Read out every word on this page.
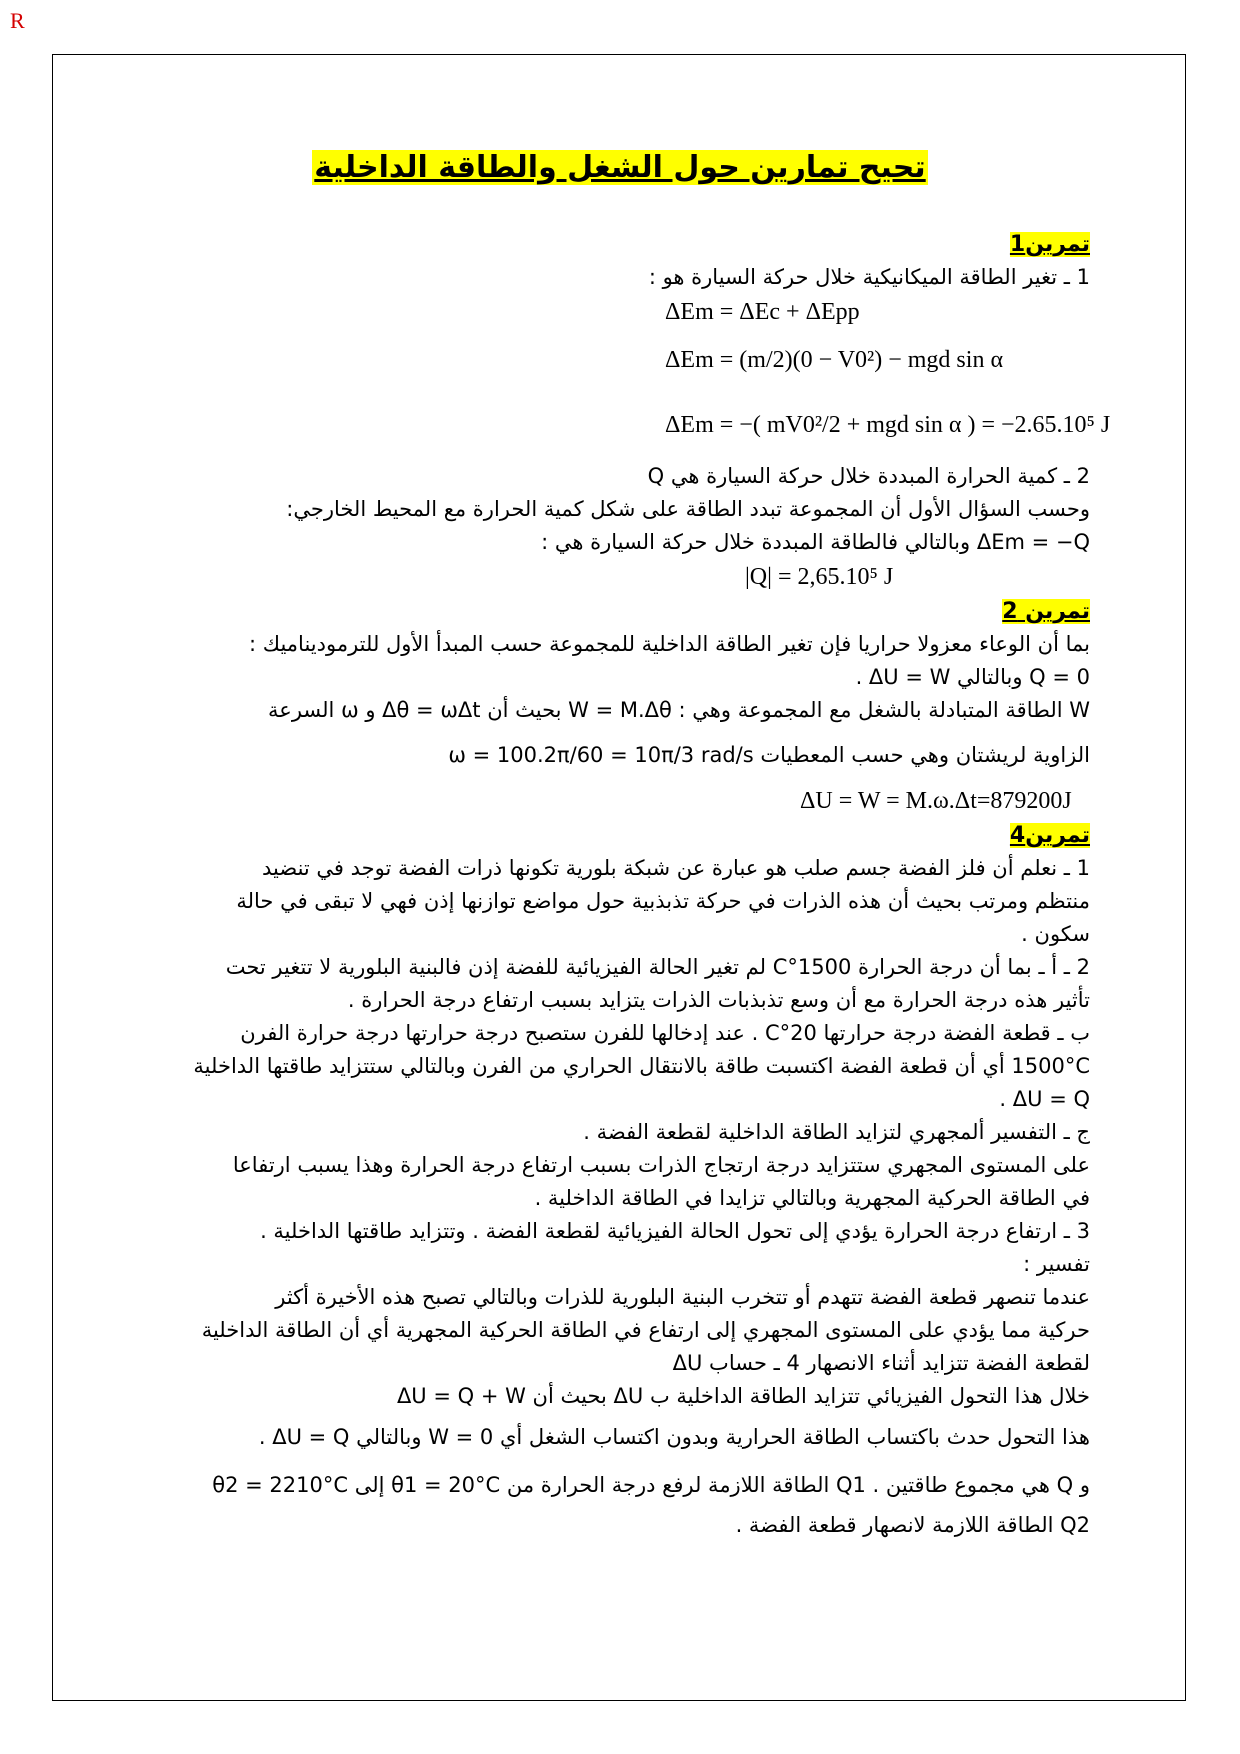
R
تحيح تمارين حول الشغل والطاقة الداخلية
تمرين1
1 ـ تغير الطاقة الميكانيكية خلال حركة السيارة هو :
ΔEm = ΔEc + ΔEpp
ΔEm = (m/2)(0 − V0²) − mgd sin α
ΔEm = −( mV0²/2 + mgd sin α ) = −2.65.10⁵ J
2 ـ كمية الحرارة المبددة خلال حركة السيارة هي Q
وحسب السؤال الأول أن المجموعة تبدد الطاقة على شكل كمية الحرارة مع المحيط الخارجي:
ΔEm = −Q وبالتالي فالطاقة المبددة خلال حركة السيارة هي :
|Q| = 2,65.10⁵ J
تمرين 2
بما أن الوعاء معزولا حراريا فإن تغير الطاقة الداخلية للمجموعة حسب المبدأ الأول للترموديناميك :
Q = 0 وبالتالي ΔU = W .
W الطاقة المتبادلة بالشغل مع المجموعة وهي : W = M.Δθ بحيث أن Δθ = ωΔt و ω السرعة
الزاوية لريشتان وهي حسب المعطيات ω = 100.2π/60 = 10π/3 rad/s
ΔU = W = M.ω.Δt=879200J
تمرين4
1 ـ نعلم أن فلز الفضة جسم صلب هو عبارة عن شبكة بلورية تكونها ذرات الفضة توجد في تنضيد
منتظم ومرتب بحيث أن هذه الذرات في حركة تذبذبية حول مواضع توازنها إذن فهي لا تبقى في حالة
سكون .
2 ـ أ ـ بما أن درجة الحرارة 1500°C لم تغير الحالة الفيزيائية للفضة إذن فالبنية البلورية لا تتغير تحت
تأثير هذه درجة الحرارة مع أن وسع تذبذبات الذرات يتزايد بسبب ارتفاع درجة الحرارة .
ب ـ قطعة الفضة درجة حرارتها 20°C . عند إدخالها للفرن ستصبح درجة حرارتها درجة حرارة الفرن
1500°C أي أن قطعة الفضة اكتسبت طاقة بالانتقال الحراري من الفرن وبالتالي ستتزايد طاقتها الداخلية
ΔU = Q .
ج ـ التفسير ألمجهري لتزايد الطاقة الداخلية لقطعة الفضة .
على المستوى المجهري ستتزايد درجة ارتجاج الذرات بسبب ارتفاع درجة الحرارة وهذا يسبب ارتفاعا
في الطاقة الحركية المجهرية وبالتالي تزايدا في الطاقة الداخلية .
3 ـ ارتفاع درجة الحرارة يؤدي إلى تحول الحالة الفيزيائية لقطعة الفضة . وتتزايد طاقتها الداخلية .
تفسير :
عندما تنصهر قطعة الفضة تتهدم أو تتخرب البنية البلورية للذرات وبالتالي تصبح هذه الأخيرة أكثر
حركية مما يؤدي على المستوى المجهري إلى ارتفاع في الطاقة الحركية المجهرية أي أن الطاقة الداخلية
لقطعة الفضة تتزايد أثناء الانصهار 4 ـ حساب ΔU
خلال هذا التحول الفيزيائي تتزايد الطاقة الداخلية ب ΔU بحيث أن ΔU = Q + W
هذا التحول حدث باكتساب الطاقة الحرارية وبدون اكتساب الشغل أي W = 0 وبالتالي ΔU = Q .
و Q هي مجموع طاقتين . Q1 الطاقة اللازمة لرفع درجة الحرارة من θ1 = 20°C إلى θ2 = 2210°C
Q2 الطاقة اللازمة لانصهار قطعة الفضة .
